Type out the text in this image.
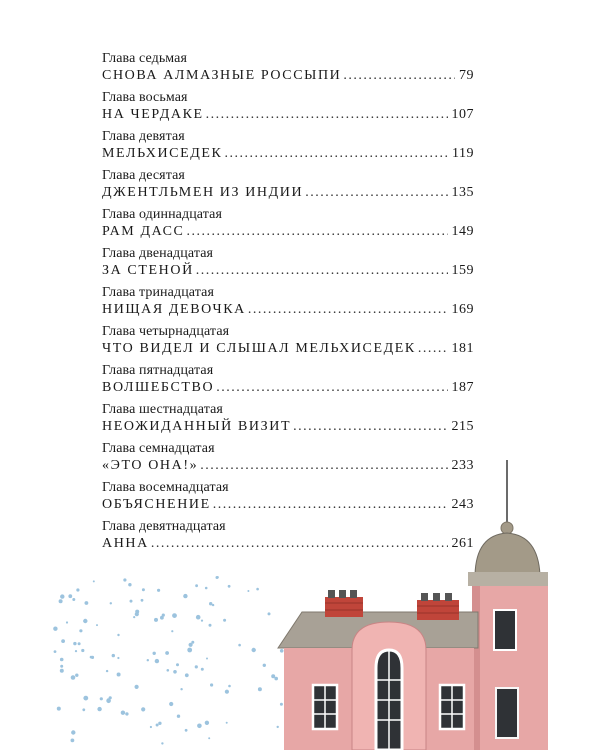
Глава седьмая
СНОВА АЛМАЗНЫЕ РОССЫПИ . . .	79
Глава восьмая
НА ЧЕРДАКЕ . . .	107
Глава девятая
МЕЛЬХИСЕДЕК . . .	119
Глава десятая
ДЖЕНТЛЬМЕН ИЗ ИНДИИ . . .	135
Глава одиннадцатая
РАМ ДАСС . . .	149
Глава двенадцатая
ЗА СТЕНОЙ . . .	159
Глава тринадцатая
НИЩАЯ ДЕВОЧКА . . .	169
Глава четырнадцатая
ЧТО ВИДЕЛ И СЛЫШАЛ МЕЛЬХИСЕДЕК . . .	181
Глава пятнадцатая
ВОЛШЕБСТВО . . .	187
Глава шестнадцатая
НЕОЖИДАННЫЙ ВИЗИТ . . .	215
Глава семнадцатая
«ЭТО ОНА!» . . .	233
Глава восемнадцатая
ОБЪЯСНЕНИЕ . . .	243
Глава девятнадцатая
АННА . . .	261
